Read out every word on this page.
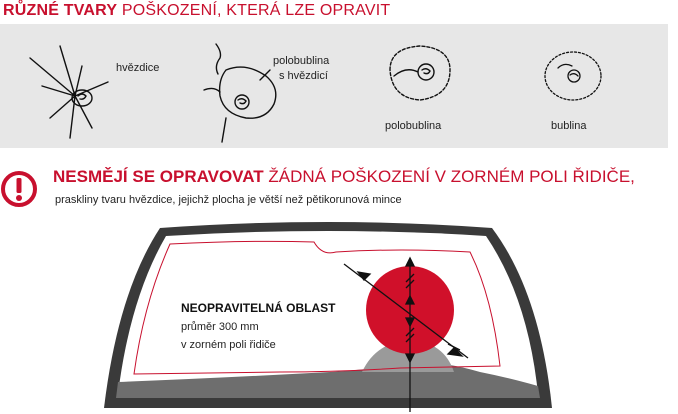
RŮZNÉ TVARY POŠKOZENÍ, KTERÁ LZE OPRAVIT
hvězdice
polobublina
s hvězdicí
polobublina	bublina
NESMĚJÍ SE OPRAVOVAT ŽÁDNÁ POŠKOZENÍ V ZORNÉM POLI ŘIDIČE,
praskliny tvaru hvězdice, jejichž plocha je větší než pětikorunová mince
NEOPRAVITELNÁ OBLAST
průměr 300 mm
v zorném poli řidiče
